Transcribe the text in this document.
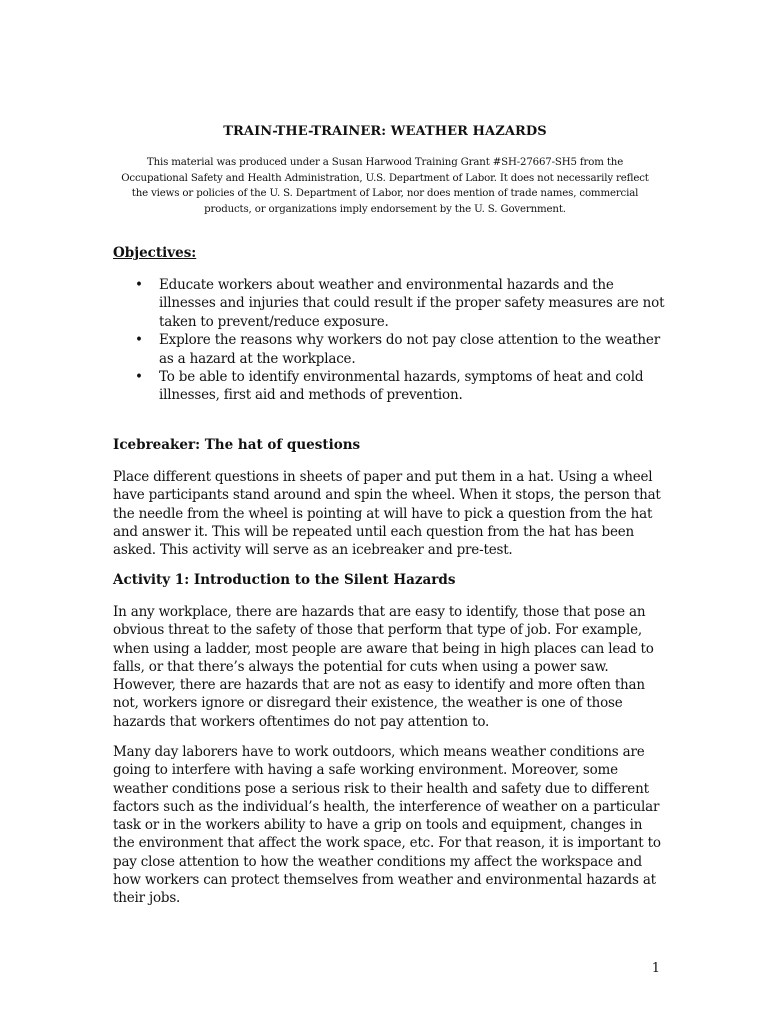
TRAIN-THE-TRAINER: WEATHER HAZARDS
This material was produced under a Susan Harwood Training Grant #SH-27667-SH5 from the Occupational Safety and Health Administration, U.S. Department of Labor. It does not necessarily reflect the views or policies of the U. S. Department of Labor, nor does mention of trade names, commercial products, or organizations imply endorsement by the U. S. Government.
Objectives:
• Educate workers about weather and environmental hazards and the illnesses and injuries that could result if the proper safety measures are not taken to prevent/reduce exposure.
• Explore the reasons why workers do not pay close attention to the weather as a hazard at the workplace.
• To be able to identify environmental hazards, symptoms of heat and cold illnesses, first aid and methods of prevention.
Icebreaker: The hat of questions

Place different questions in sheets of paper and put them in a hat. Using a wheel have participants stand around and spin the wheel. When it stops, the person that the needle from the wheel is pointing at will have to pick a question from the hat and answer it. This will be repeated until each question from the hat has been asked. This activity will serve as an icebreaker and pre-test.

Activity 1: Introduction to the Silent Hazards

In any workplace, there are hazards that are easy to identify, those that pose an obvious threat to the safety of those that perform that type of job. For example, when using a ladder, most people are aware that being in high places can lead to falls, or that there’s always the potential for cuts when using a power saw. However, there are hazards that are not as easy to identify and more often than not, workers ignore or disregard their existence, the weather is one of those hazards that workers oftentimes do not pay attention to.

Many day laborers have to work outdoors, which means weather conditions are going to interfere with having a safe working environment. Moreover, some weather conditions pose a serious risk to their health and safety due to different factors such as the individual’s health, the interference of weather on a particular task or in the workers ability to have a grip on tools and equipment, changes in the environment that affect the work space, etc. For that reason, it is important to pay close attention to how the weather conditions my affect the workspace and how workers can protect themselves from weather and environmental hazards at their jobs.

1
